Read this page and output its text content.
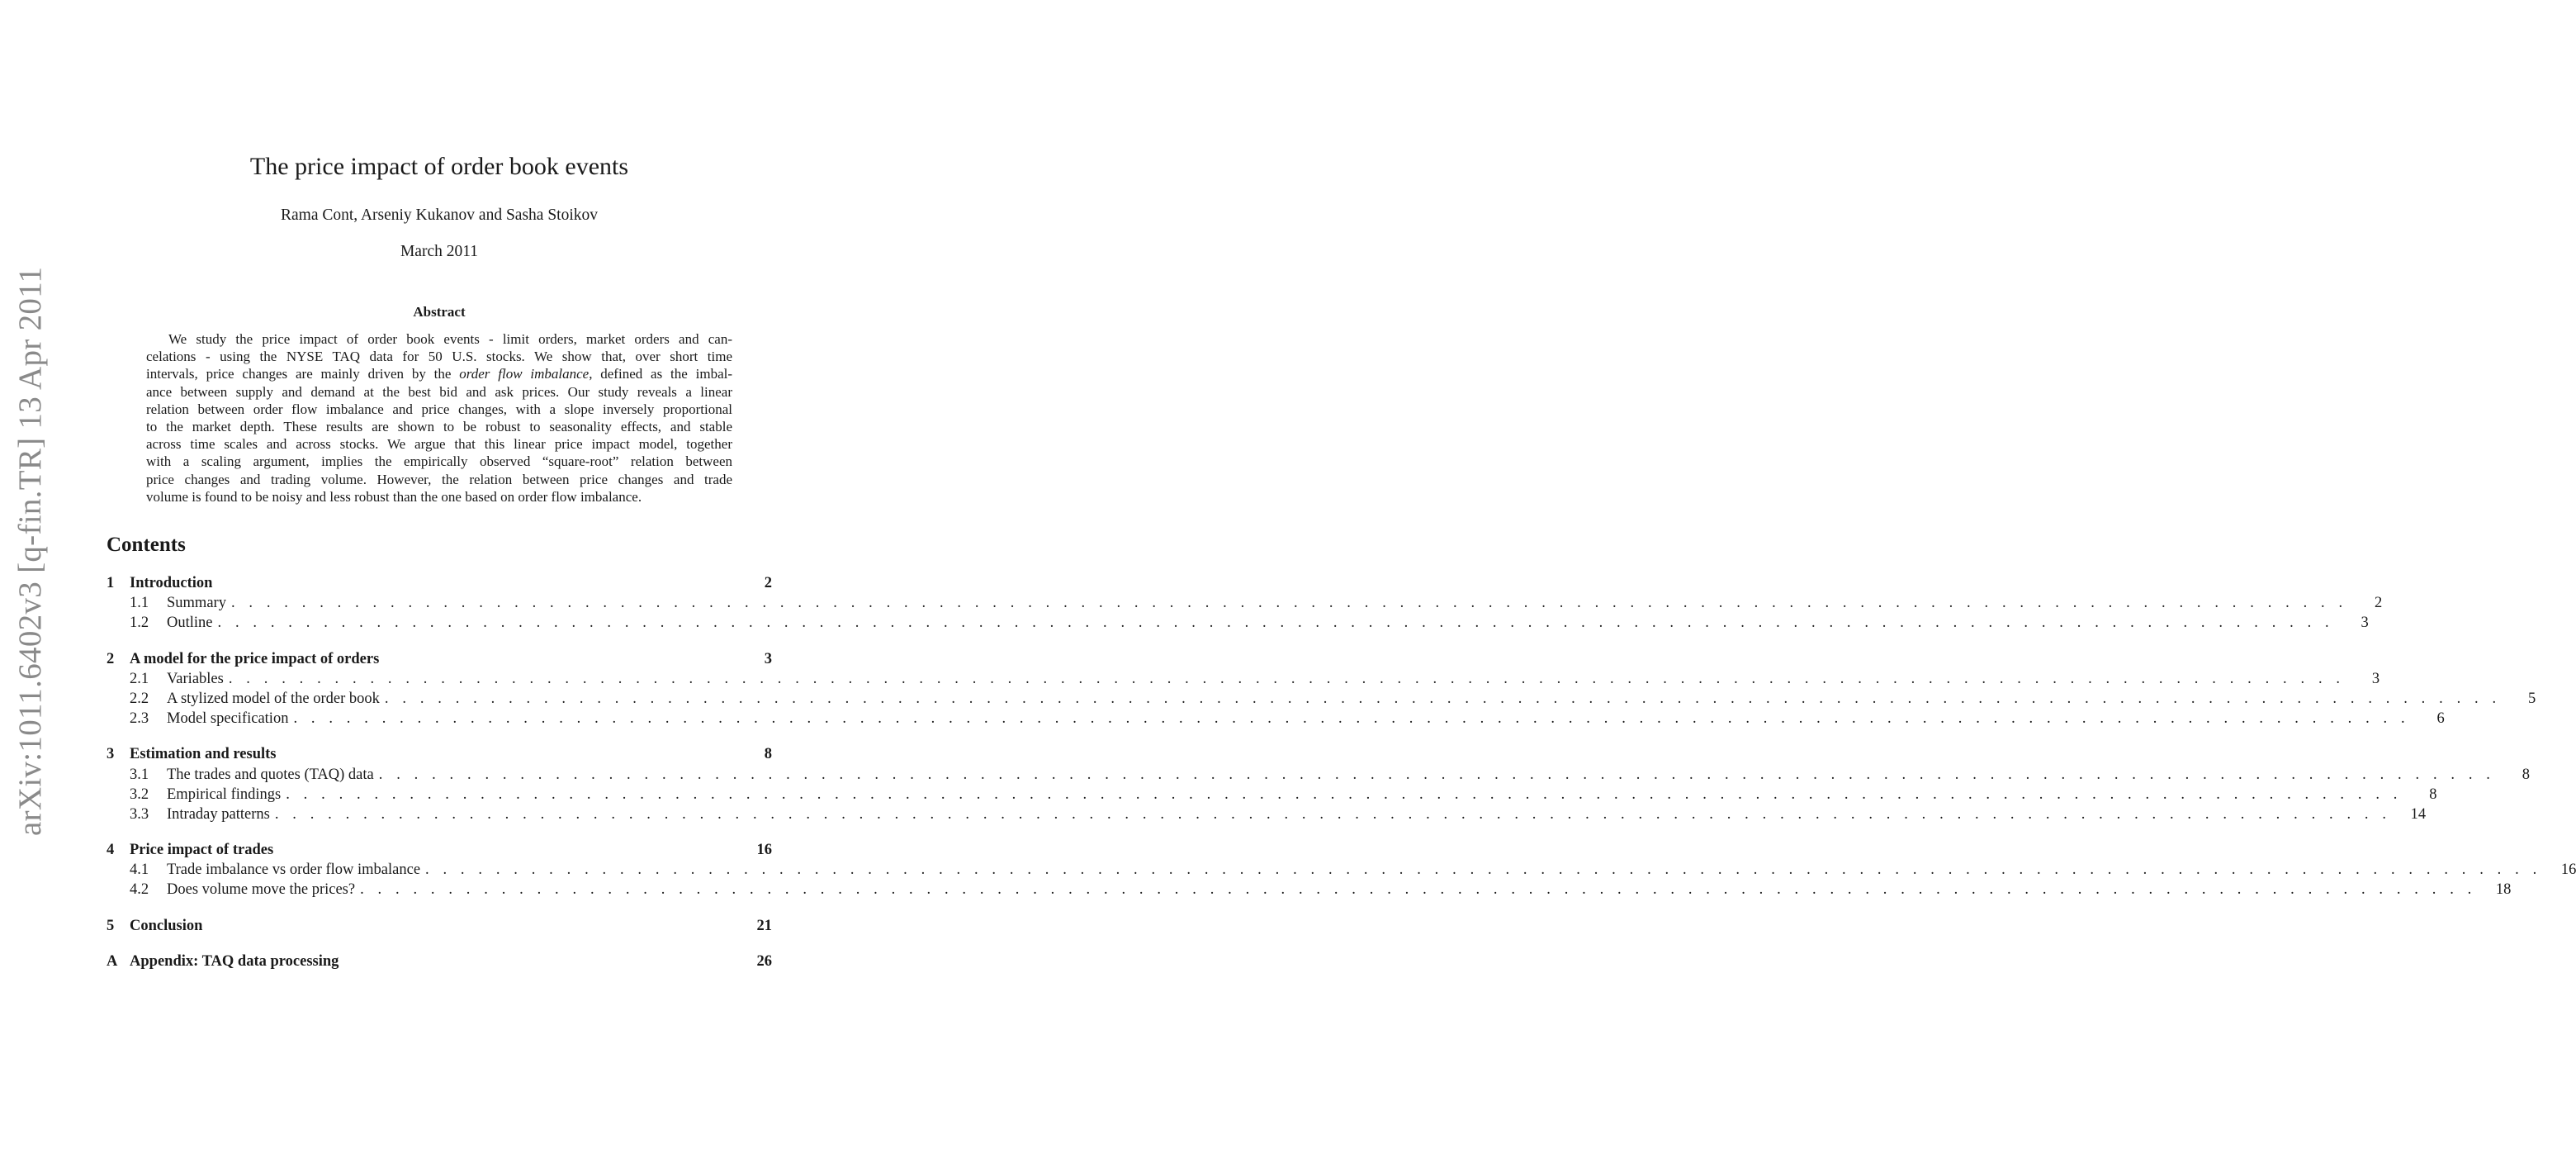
arXiv:1011.6402v3 [q-fin.TR] 13 Apr 2011
The price impact of order book events
Rama Cont, Arseniy Kukanov and Sasha Stoikov
March 2011
Abstract
We study the price impact of order book events - limit orders, market orders and can-
celations - using the NYSE TAQ data for 50 U.S. stocks. We show that, over short time
intervals, price changes are mainly driven by the order flow imbalance, defined as the imbal-
ance between supply and demand at the best bid and ask prices. Our study reveals a linear
relation between order flow imbalance and price changes, with a slope inversely proportional
to the market depth. These results are shown to be robust to seasonality effects, and stable
across time scales and across stocks. We argue that this linear price impact model, together
with a scaling argument, implies the empirically observed “square-root” relation between
price changes and trading volume. However, the relation between price changes and trade
volume is found to be noisy and less robust than the one based on order flow imbalance.
Contents
1 Introduction	2
1.1	Summary . . . . . . . . . . . . . . . . . . . . . . . . . . . . . . . . . . . . . . . . . . . . . . . . . . . . . . . . . . . . . . . . . . . . . . . . . . . . . . . . . . . . . . . . . . . . . . . . . . . . . . . . . . . . . . . . . . . . . . . .	2
1.2	Outline . . . . . . . . . . . . . . . . . . . . . . . . . . . . . . . . . . . . . . . . . . . . . . . . . . . . . . . . . . . . . . . . . . . . . . . . . . . . . . . . . . . . . . . . . . . . . . . . . . . . . . . . . . . . . . . . . . . . . . . .	3
2 A model for the price impact of orders	3
2.1	Variables . . . . . . . . . . . . . . . . . . . . . . . . . . . . . . . . . . . . . . . . . . . . . . . . . . . . . . . . . . . . . . . . . . . . . . . . . . . . . . . . . . . . . . . . . . . . . . . . . . . . . . . . . . . . . . . . . . . . . . . .	3
2.2	A stylized model of the order book . . . . . . . . . . . . . . . . . . . . . . . . . . . . . . . . . . . . . . . . . . . . . . . . . . . . . . . . . . . . . . . . . . . . . . . . . . . . . . . . . . . . . . . . . . . . . . . . . . . . . . . . . . . . . . . . . . . . . . . .	5
2.3	Model specification . . . . . . . . . . . . . . . . . . . . . . . . . . . . . . . . . . . . . . . . . . . . . . . . . . . . . . . . . . . . . . . . . . . . . . . . . . . . . . . . . . . . . . . . . . . . . . . . . . . . . . . . . . . . . . . . . . . . . . . .	6
3 Estimation and results	8
3.1	The trades and quotes (TAQ) data . . . . . . . . . . . . . . . . . . . . . . . . . . . . . . . . . . . . . . . . . . . . . . . . . . . . . . . . . . . . . . . . . . . . . . . . . . . . . . . . . . . . . . . . . . . . . . . . . . . . . . . . . . . . . . . . . . . . . . . .	8
3.2	Empirical findings . . . . . . . . . . . . . . . . . . . . . . . . . . . . . . . . . . . . . . . . . . . . . . . . . . . . . . . . . . . . . . . . . . . . . . . . . . . . . . . . . . . . . . . . . . . . . . . . . . . . . . . . . . . . . . . . . . . . . . . .	8
3.3	Intraday patterns . . . . . . . . . . . . . . . . . . . . . . . . . . . . . . . . . . . . . . . . . . . . . . . . . . . . . . . . . . . . . . . . . . . . . . . . . . . . . . . . . . . . . . . . . . . . . . . . . . . . . . . . . . . . . . . . . . . . . . . .	14
4 Price impact of trades	16
4.1	Trade imbalance vs order flow imbalance . . . . . . . . . . . . . . . . . . . . . . . . . . . . . . . . . . . . . . . . . . . . . . . . . . . . . . . . . . . . . . . . . . . . . . . . . . . . . . . . . . . . . . . . . . . . . . . . . . . . . . . . . . . . . . . . . . . . . . . .	16
4.2	Does volume move the prices? . . . . . . . . . . . . . . . . . . . . . . . . . . . . . . . . . . . . . . . . . . . . . . . . . . . . . . . . . . . . . . . . . . . . . . . . . . . . . . . . . . . . . . . . . . . . . . . . . . . . . . . . . . . . . . . . . . . . . . . .	18
5 Conclusion	21
A Appendix: TAQ data processing	26
